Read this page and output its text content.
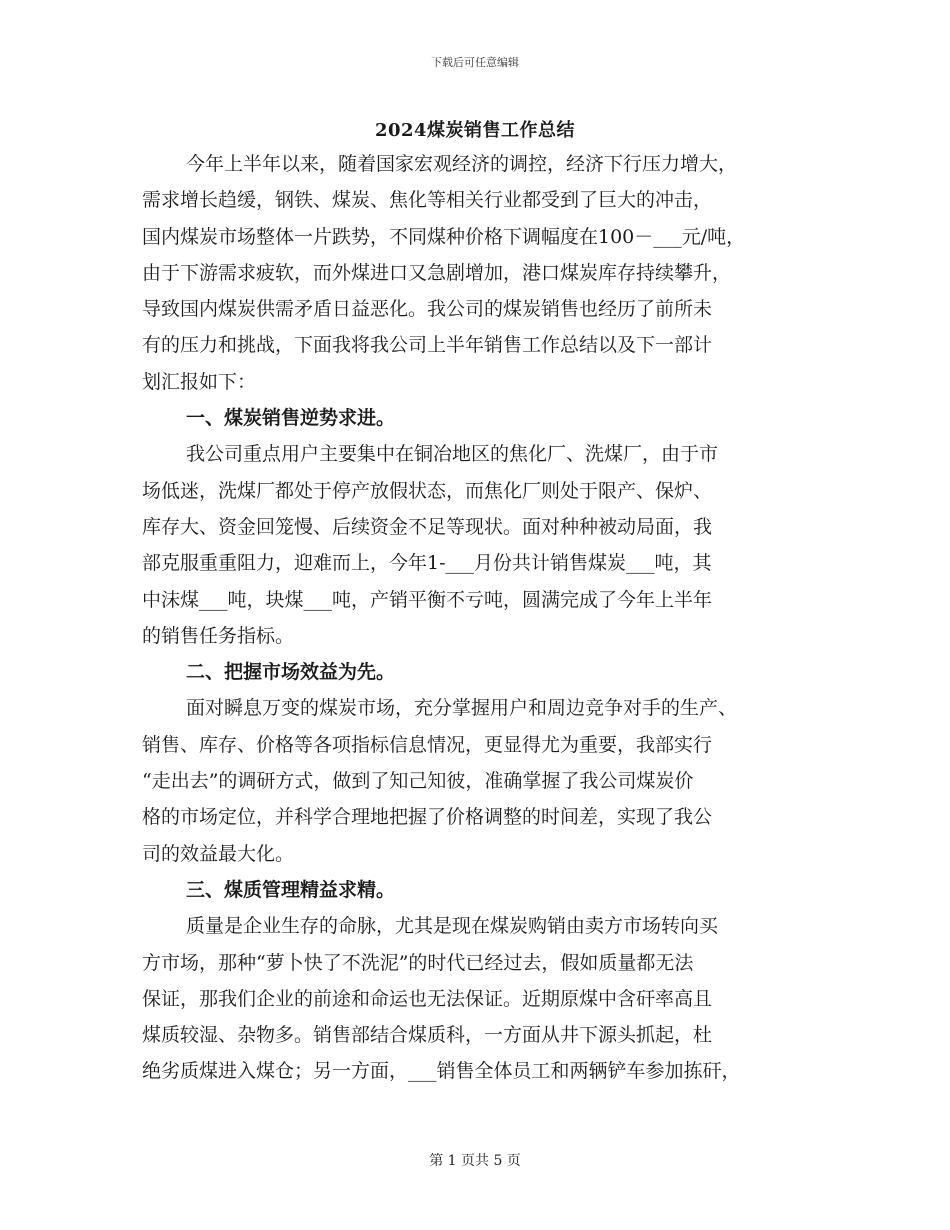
下载后可任意编辑
2024煤炭销售工作总结
今年上半年以来，随着国家宏观经济的调控，经济下行压力增大，
需求增长趋缓，钢铁、煤炭、焦化等相关行业都受到了巨大的冲击，
国内煤炭市场整体一片跌势，不同煤种价格下调幅度在100－___元/吨，
由于下游需求疲软，而外煤进口又急剧增加，港口煤炭库存持续攀升，
导致国内煤炭供需矛盾日益恶化。我公司的煤炭销售也经历了前所未
有的压力和挑战，下面我将我公司上半年销售工作总结以及下一部计
划汇报如下：
一、煤炭销售逆势求进。
我公司重点用户主要集中在铜冶地区的焦化厂、洗煤厂，由于市
场低迷，洗煤厂都处于停产放假状态，而焦化厂则处于限产、保炉、
库存大、资金回笼慢、后续资金不足等现状。面对种种被动局面，我
部克服重重阻力，迎难而上，今年1-___月份共计销售煤炭___吨，其
中沫煤___吨，块煤___吨，产销平衡不亏吨，圆满完成了今年上半年
的销售任务指标。
二、把握市场效益为先。
面对瞬息万变的煤炭市场，充分掌握用户和周边竞争对手的生产、
销售、库存、价格等各项指标信息情况，更显得尤为重要，我部实行
“走出去”的调研方式，做到了知己知彼，准确掌握了我公司煤炭价
格的市场定位，并科学合理地把握了价格调整的时间差，实现了我公
司的效益最大化。
三、煤质管理精益求精。
质量是企业生存的命脉，尤其是现在煤炭购销由卖方市场转向买
方市场，那种“萝卜快了不洗泥”的时代已经过去，假如质量都无法
保证，那我们企业的前途和命运也无法保证。近期原煤中含矸率高且
煤质较湿、杂物多。销售部结合煤质科，一方面从井下源头抓起，杜
绝劣质煤进入煤仓；另一方面，___销售全体员工和两辆铲车参加拣矸，
第 1 页共 5 页
